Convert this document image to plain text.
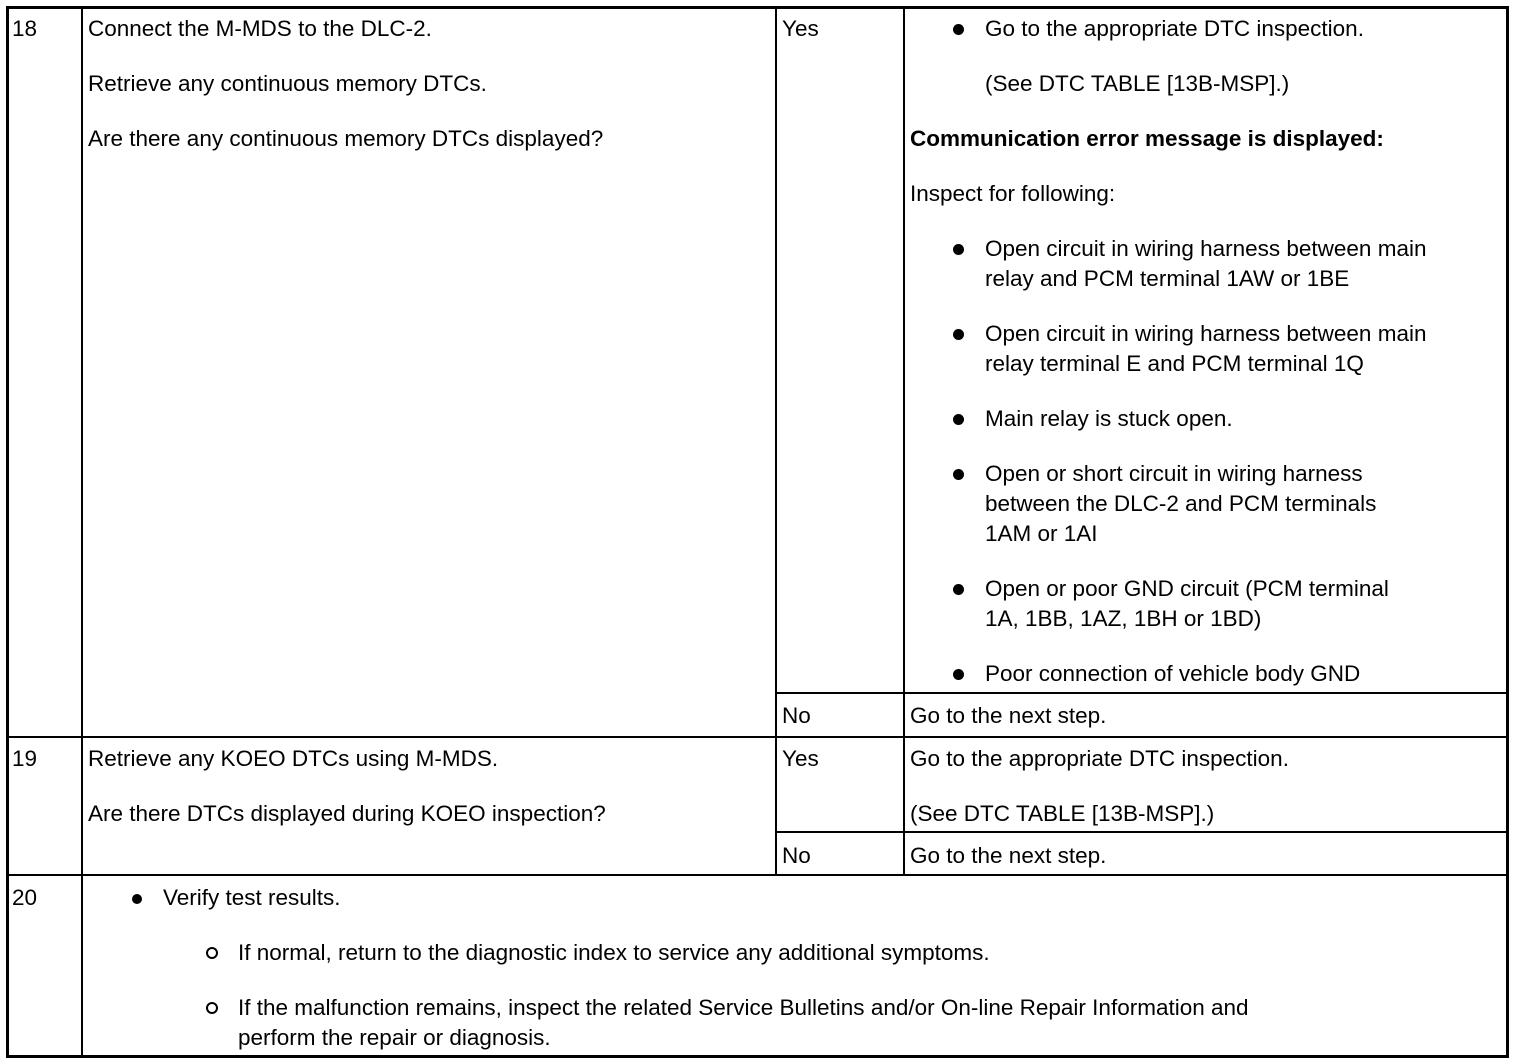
18 Connect the M-MDS to the DLC-2.
Retrieve any continuous memory DTCs.
Are there any continuous memory DTCs displayed?
Yes	Go to the appropriate DTC inspection.
(See DTC TABLE [13B-MSP].)
Communication error message is displayed:
Inspect for following:
Open circuit in wiring harness between main
relay and PCM terminal 1AW or 1BE
Open circuit in wiring harness between main
relay terminal E and PCM terminal 1Q
Main relay is stuck open.
Open or short circuit in wiring harness
between the DLC-2 and PCM terminals
1AM or 1AI
Open or poor GND circuit (PCM terminal
1A, 1BB, 1AZ, 1BH or 1BD)
Poor connection of vehicle body GND
No	Go to the next step.
19 Retrieve any KOEO DTCs using M-MDS.
Are there DTCs displayed during KOEO inspection?
Yes	Go to the appropriate DTC inspection.
(See DTC TABLE [13B-MSP].)
No	Go to the next step.
20	Verify test results.
If normal, return to the diagnostic index to service any additional symptoms.
If the malfunction remains, inspect the related Service Bulletins and/or On-line Repair Information and
perform the repair or diagnosis.
